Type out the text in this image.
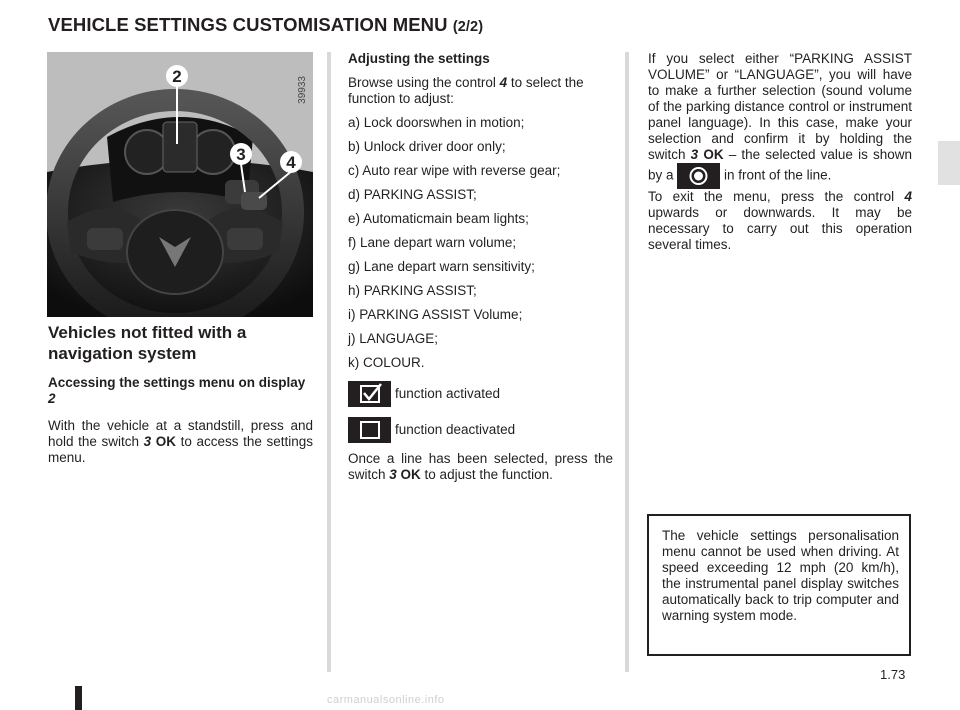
VEHICLE SETTINGS CUSTOMISATION MENU (2/2)
2
3 4
39933
Vehicles not fitted with a navigation system
Accessing the settings menu on display 2
With the vehicle at a standstill, press and hold the switch 3 OK to access the settings menu.
Adjusting the settings
Browse using the control 4 to select the function to adjust:
a) Lock doorswhen in motion;
b) Unlock driver door only;
c) Auto rear wipe with reverse gear;
d) PARKING ASSIST;
e) Automaticmain beam lights;
f) Lane depart warn volume;
g) Lane depart warn sensitivity;
h) PARKING ASSIST;
i) PARKING ASSIST Volume;
j) LANGUAGE;
k) COLOUR.
function activated
function deactivated
Once a line has been selected, press the switch 3 OK to adjust the function.
If you select either “PARKING ASSIST VOLUME” or “LANGUAGE”, you will have to make a further selection (sound volume of the parking distance control or instrument panel language). In this case, make your selection and confirm it by holding the switch 3 OK – the selected value is shown by a	in front of the line.
To exit the menu, press the control 4 upwards or downwards. It may be necessary to carry out this operation several times.
The vehicle settings personalisation menu cannot be used when driving. At speed exceeding 12 mph (20 km/h), the instrumental panel display switches automatically back to trip computer and warning system mode.
1.73
carmanualsonline.info
